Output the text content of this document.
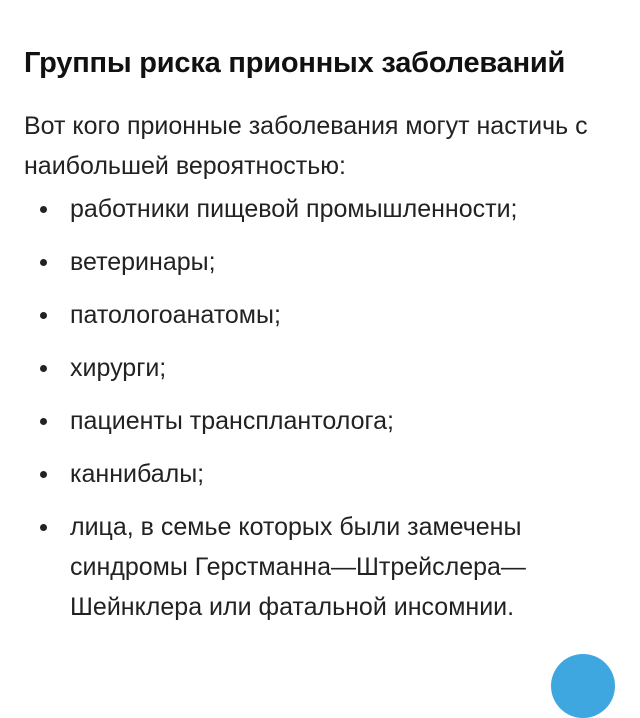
Группы риска прионных заболеваний

Вот кого прионные заболевания могут настичь с наибольшей вероятностью:

работники пищевой промышленности;
ветеринары;
патологоанатомы;
хирурги;
пациенты трансплантолога;
каннибалы;
лица, в семье которых были замечены синдромы Герстманна—Штрейслера—Шейнклера или фатальной инсомнии.
